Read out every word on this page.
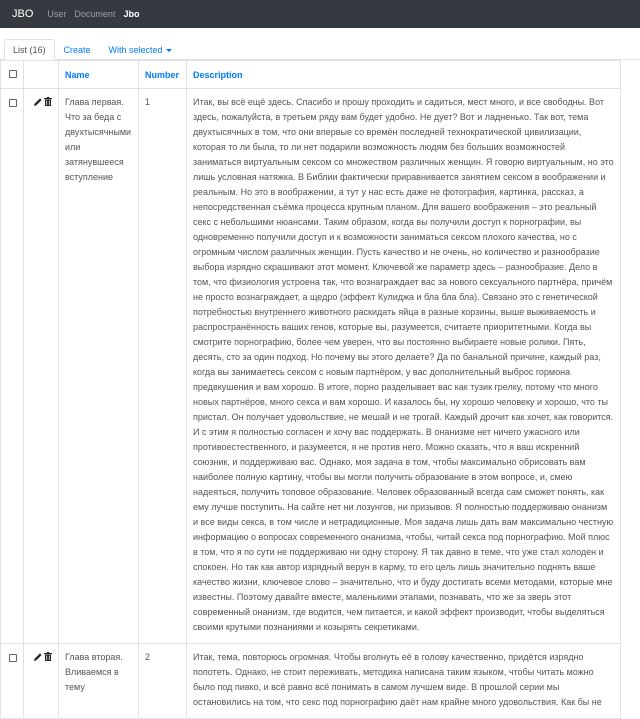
JBO User Document Jbo
List (16)	Create	With selected
		Name	Number	Description
		Глава первая. Что за беда с двухтысячными или затянувшееся вступление	1	Итак, вы всё ещё здесь. Спасибо и прошу проходить и садиться, мест много, и все свободны. Вот здесь, пожалуйста, в третьем ряду вам будет удобно. Не дует? Вот и ладненько. Так вот, тема двухтысячных в том, что они впервые со времён последней технократической цивилизации, которая то ли была, то ли нет подарили возможность людям без больших возможностей заниматься виртуальным сексом со множеством различных женщин. Я говорю виртуальным, но это лишь условная натяжка. В Библии фактически приравнивается занятием сексом в воображении и реальным. Но это в воображении, а тут у нас есть даже не фотография, картинка, рассказ, а непосредственная съёмка процесса крупным планом. Для вашего воображения – это реальный секс с небольшими нюансами. Таким образом, когда вы получили доступ к порнографии, вы одновременно получили доступ и к возможности заниматься сексом плохого качества, но с огромным числом различных женщин. Пусть качество и не очень, но количество и разнообразие выбора изрядно скрашивают этот момент. Ключевой же параметр здесь – разнообразие. Дело в том, что физиология устроена так, что вознаграждает вас за нового сексуального партнёра, причём не просто вознаграждает, а щедро (эффект Кулиджа и бла бла бла). Связано это с генетической потребностью внутреннего животного раскидать яйца в разные корзины, выше выживаемость и распространённость ваших генов, которые вы, разумеется, считаете приоритетными. Когда вы смотрите порнографию, более чем уверен, что вы постоянно выбираете новые ролики. Пять, десять, сто за один подход. Но почему вы этого делаете? Да по банальной причине, каждый раз, когда вы занимаетесь сексом с новым партнёром, у вас дополнительный выброс гормона предвкушения и вам хорошо. В итоге, порно разделывает вас как тузик грелку, потому что много новых партнёров, много секса и вам хорошо. И казалось бы, ну хорошо человеку и хорошо, что ты пристал. Он получает удовольствие, не мешай и не трогай. Каждый дрочит как хочет, как говорится. И с этим я полностью согласен и хочу вас поддержать. В онанизме нет ничего ужасного или противоестественного, и разумеется, я не против него. Можно сказать, что я ваш искренний союзник, и поддерживаю вас. Однако, моя задача в том, чтобы максимально обрисовать вам наиболее полную картину, чтобы вы могли получить образование в этом вопросе, и, смею надеяться, получить топовое образование. Человек образованный всегда сам сможет понять, как ему лучше поступить. На сайте нет ни лозунгов, ни призывов. Я полностью поддерживаю онанизм и все виды секса, в том числе и нетрадиционные. Моя задача лишь дать вам максимально честную информацию о вопросах современного онанизма, чтобы, читай секса под порнографию. Мой плюс в том, что я по сути не поддерживаю ни одну сторону. Я так давно в теме, что уже стал холоден и спокоен. Но так как автор изрядный верун в карму, то его цель лишь значительно поднять ваше качество жизни, ключевое слово – значительно, что и буду достигать всеми методами, которые мне известны. Поэтому давайте вместе, маленькими этапами, познавать, что же за зверь этот современный онанизм, где водится, чем питается, и какой эффект производит, чтобы выделяться своими крутыми познаниями и козырять секретиками.
		Глава вторая. Вливаемся в тему	2	Итак, тема, повторюсь огромная. Чтобы вголнуть её в голову качественно, придётся изрядно попотеть. Однако, не стоит переживать, методика написана таким языком, чтобы читать можно было под пивко, и всё равно всё понимать в самом лучшем виде. В прошлой серии мы остановились на том, что секс под порнографию даёт нам крайне много удовольствия. Как бы не
